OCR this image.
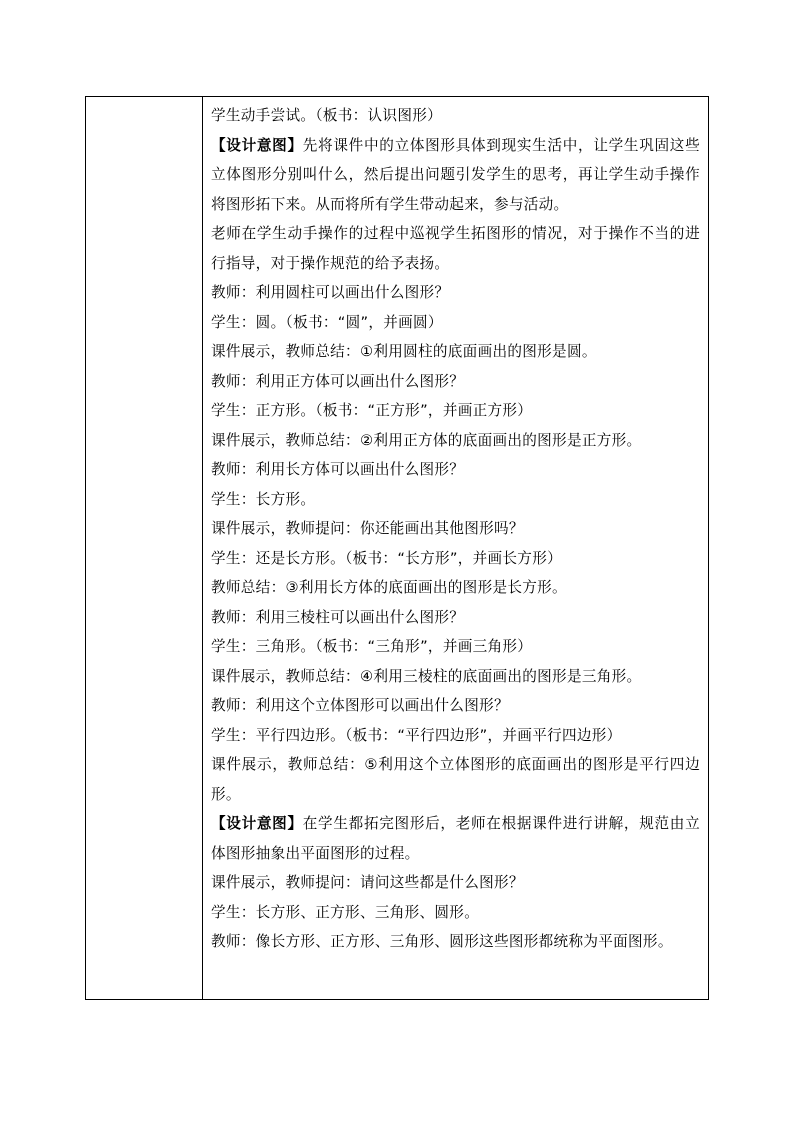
学生动手尝试。（板书：认识图形）

【设计意图】先将课件中的立体图形具体到现实生活中，让学生巩固这些立体图形分别叫什么，然后提出问题引发学生的思考，再让学生动手操作将图形拓下来。从而将所有学生带动起来，参与活动。

老师在学生动手操作的过程中巡视学生拓图形的情况，对于操作不当的进行指导，对于操作规范的给予表扬。

教师：利用圆柱可以画出什么图形？

学生：圆。（板书：“圆”，并画圆）

课件展示，教师总结：①利用圆柱的底面画出的图形是圆。

教师：利用正方体可以画出什么图形？

学生：正方形。（板书：“正方形”，并画正方形）

课件展示，教师总结：②利用正方体的底面画出的图形是正方形。

教师：利用长方体可以画出什么图形？

学生：长方形。

课件展示，教师提问：你还能画出其他图形吗？

学生：还是长方形。（板书：“长方形”，并画长方形）

教师总结：③利用长方体的底面画出的图形是长方形。

教师：利用三棱柱可以画出什么图形？

学生：三角形。（板书：“三角形”，并画三角形）

课件展示，教师总结：④利用三棱柱的底面画出的图形是三角形。

教师：利用这个立体图形可以画出什么图形？

学生：平行四边形。（板书：“平行四边形”，并画平行四边形）

课件展示，教师总结：⑤利用这个立体图形的底面画出的图形是平行四边形。

【设计意图】在学生都拓完图形后，老师在根据课件进行讲解，规范由立体图形抽象出平面图形的过程。

课件展示，教师提问：请问这些都是什么图形？

学生：长方形、正方形、三角形、圆形。

教师：像长方形、正方形、三角形、圆形这些图形都统称为平面图形。
